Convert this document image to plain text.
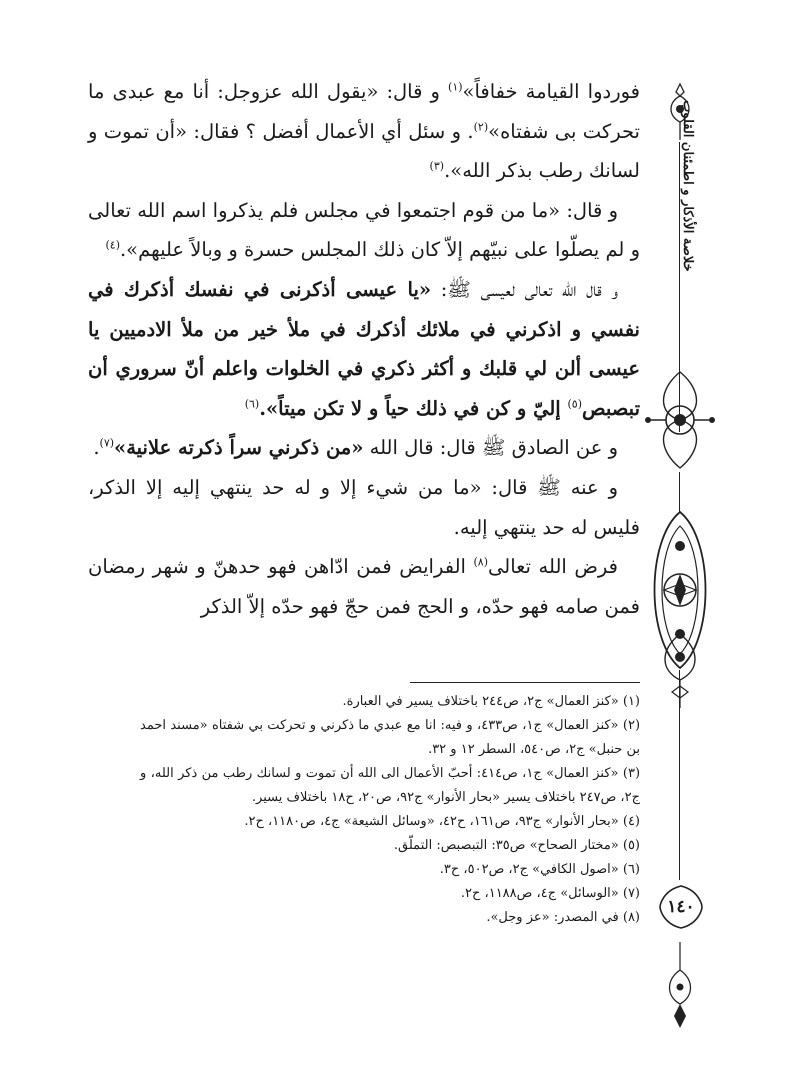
فوردوا القيامة خفافاً»$^{(١)}$ و قال: «يقول الله عزوجل: أنا مع عبدى ما تحركت بى شفتاه»$^{(٢)}$. و سئل أي الأعمال أفضل ؟ فقال: «أن تموت و لسانك رطب بذكر الله».$^{(٣)}$

و قال: «ما من قوم اجتمعوا في مجلس فلم يذكروا اسم الله تعالى و لم يصلّوا على نبيّهم إلاّ كان ذلك المجلس حسرة و وبالاً عليهم».$^{(٤)}$

و قال الله تعالى لعيسى ﷺ: «يا عيسى أذكرنى في نفسك أذكرك في نفسي و اذكرني في ملائك أذكرك في ملأ خير من ملأ الادميين يا عيسى ألن لي قلبك و أكثر ذكري في الخلوات واعلم أنّ سروري أن تبصبص$^{(٥)}$ إليّ و كن في ذلك حياً و لا تكن ميتاً».$^{(٦)}$

و عن الصادق ﷺ قال: قال الله «من ذكرني سراً ذكرته علانية»$^{(٧)}$.

و عنه ﷺ قال: «ما من شيء إلا و له حد ينتهي إليه إلا الذكر، فليس له حد ينتهي إليه.

فرض الله تعالى$^{(٨)}$ الفرايض فمن ادّاهن فهو حدهنّ و شهر رمضان فمن صامه فهو حدّه، و الحج فمن حجّ فهو حدّه إلاّ الذكر

(١) «كنز العمال» ج٢، ص٢٤٤ باختلاف يسير في العبارة.

(٢) «كنز العمال» ج١، ص٤٣٣، و فيه: انا مع عبدي ما ذكرني و تحركت بي شفتاه «مسند احمد بن حنبل» ج٢، ص٥٤٠، السطر ١٢ و ٣٢.

(٣) «كنز العمال» ج١، ص٤١٤: أحبّ الأعمال الى الله أن تموت و لسانك رطب من ذكر الله، و ج٢، ص٢٤٧ باختلاف يسير «بحار الأنوار» ج٩٢، ص٢٠، ح١٨ باختلاف يسير.

(٤) «بحار الأنوار» ج٩٣، ص١٦١، ح٤٢، «وسائل الشيعة» ج٤، ص١١٨٠، ح٢.

(٥) «مختار الصحاح» ص٣٥: التبصبص: التملّق.

(٦) «اصول الكافي» ج٢، ص٥٠٢، ح٣.

(٧) «الوسائل» ج٤، ص١١٨٨، ح٢.

(٨) في المصدر: «عز وجل».

خلاصة الأذكار و اطمئنان القلوب
١٤٠
